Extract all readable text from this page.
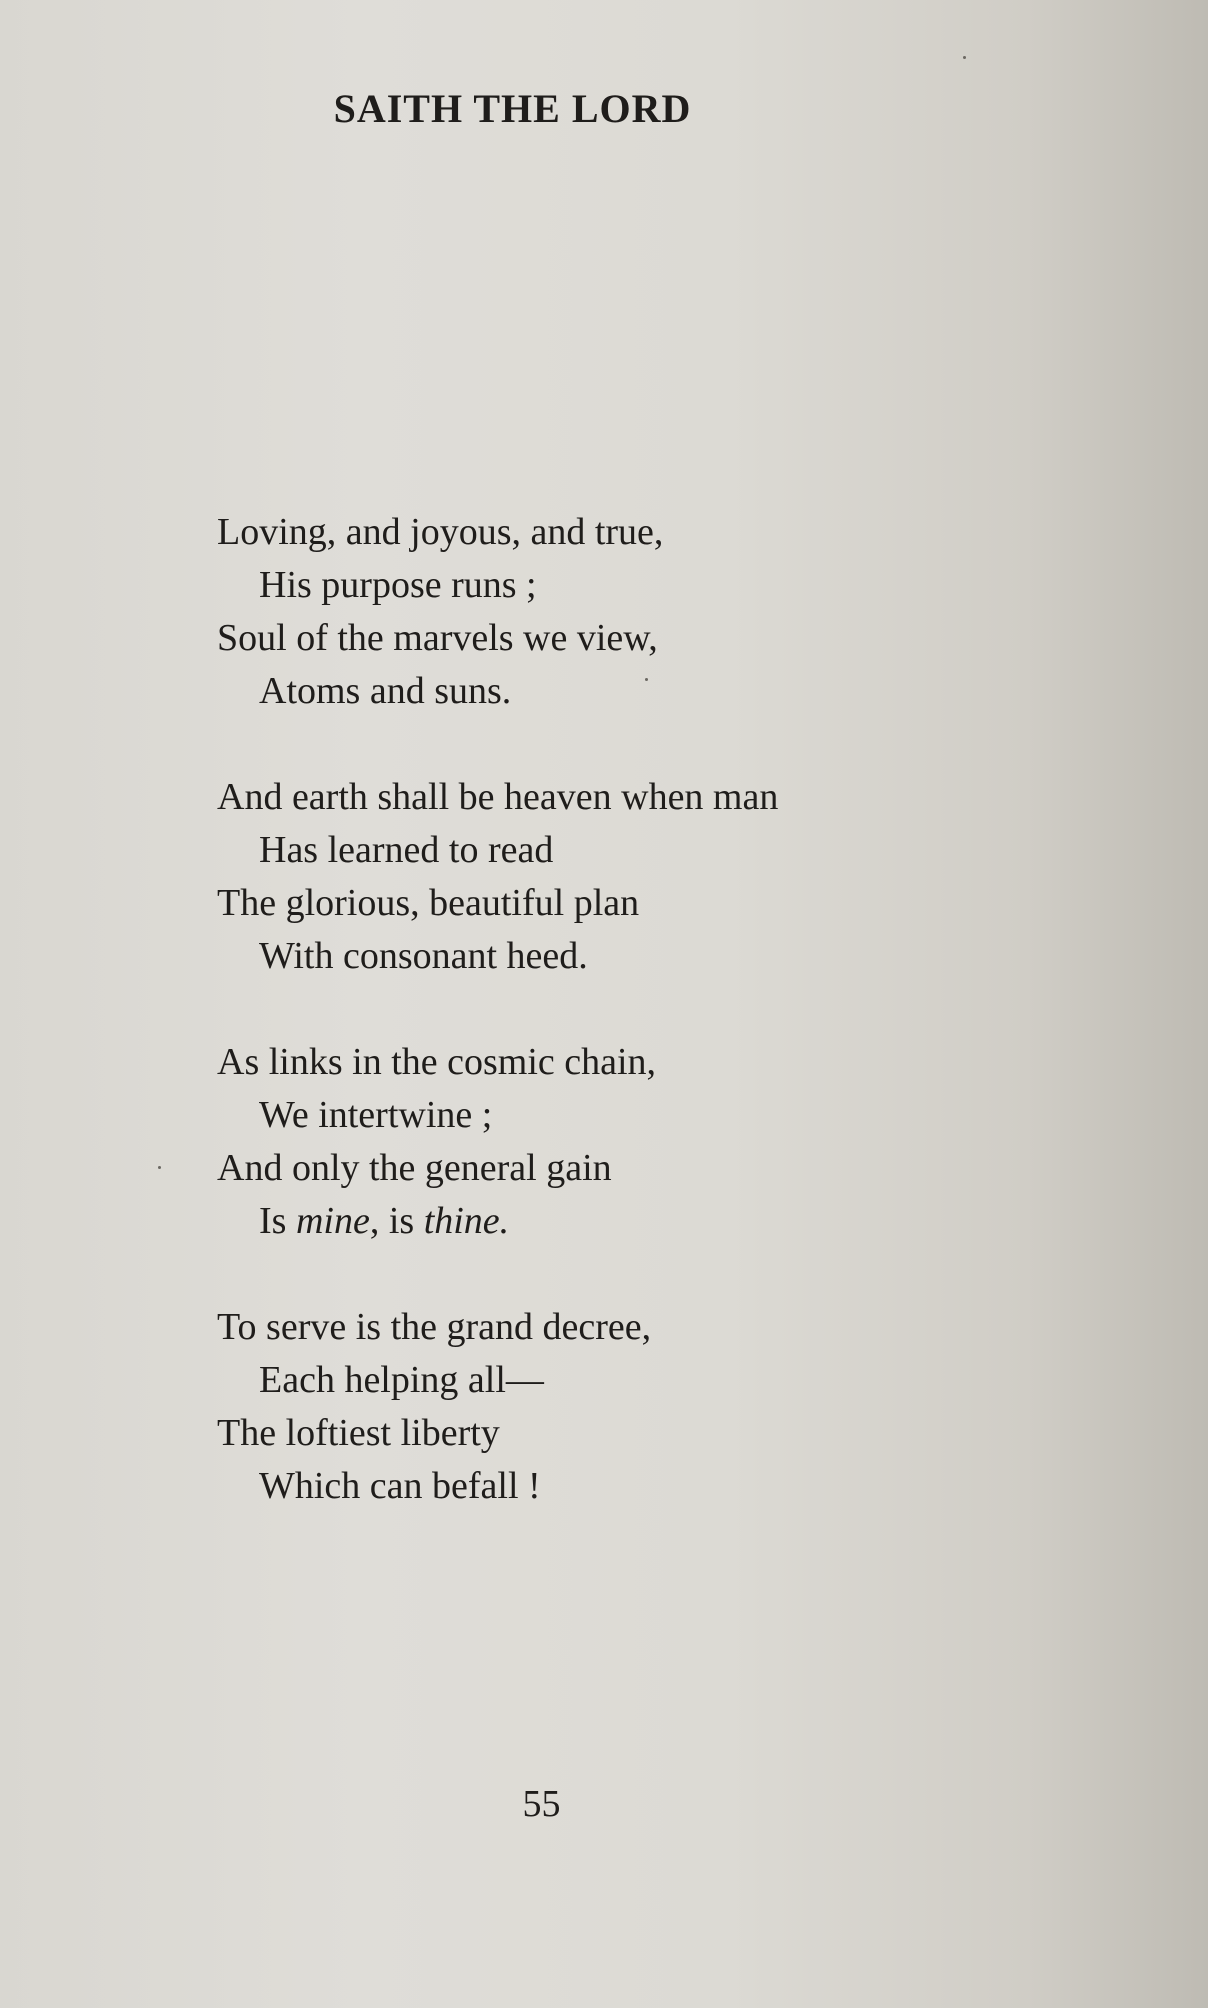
SAITH THE LORD
Loving, and joyous, and true,
His purpose runs ;
Soul of the marvels we view,
Atoms and suns.
And earth shall be heaven when man
Has learned to read
The glorious, beautiful plan
With consonant heed.
As links in the cosmic chain,
We intertwine ;
And only the general gain
Is mine, is thine.
To serve is the grand decree,
Each helping all—
The loftiest liberty
Which can befall !
55
